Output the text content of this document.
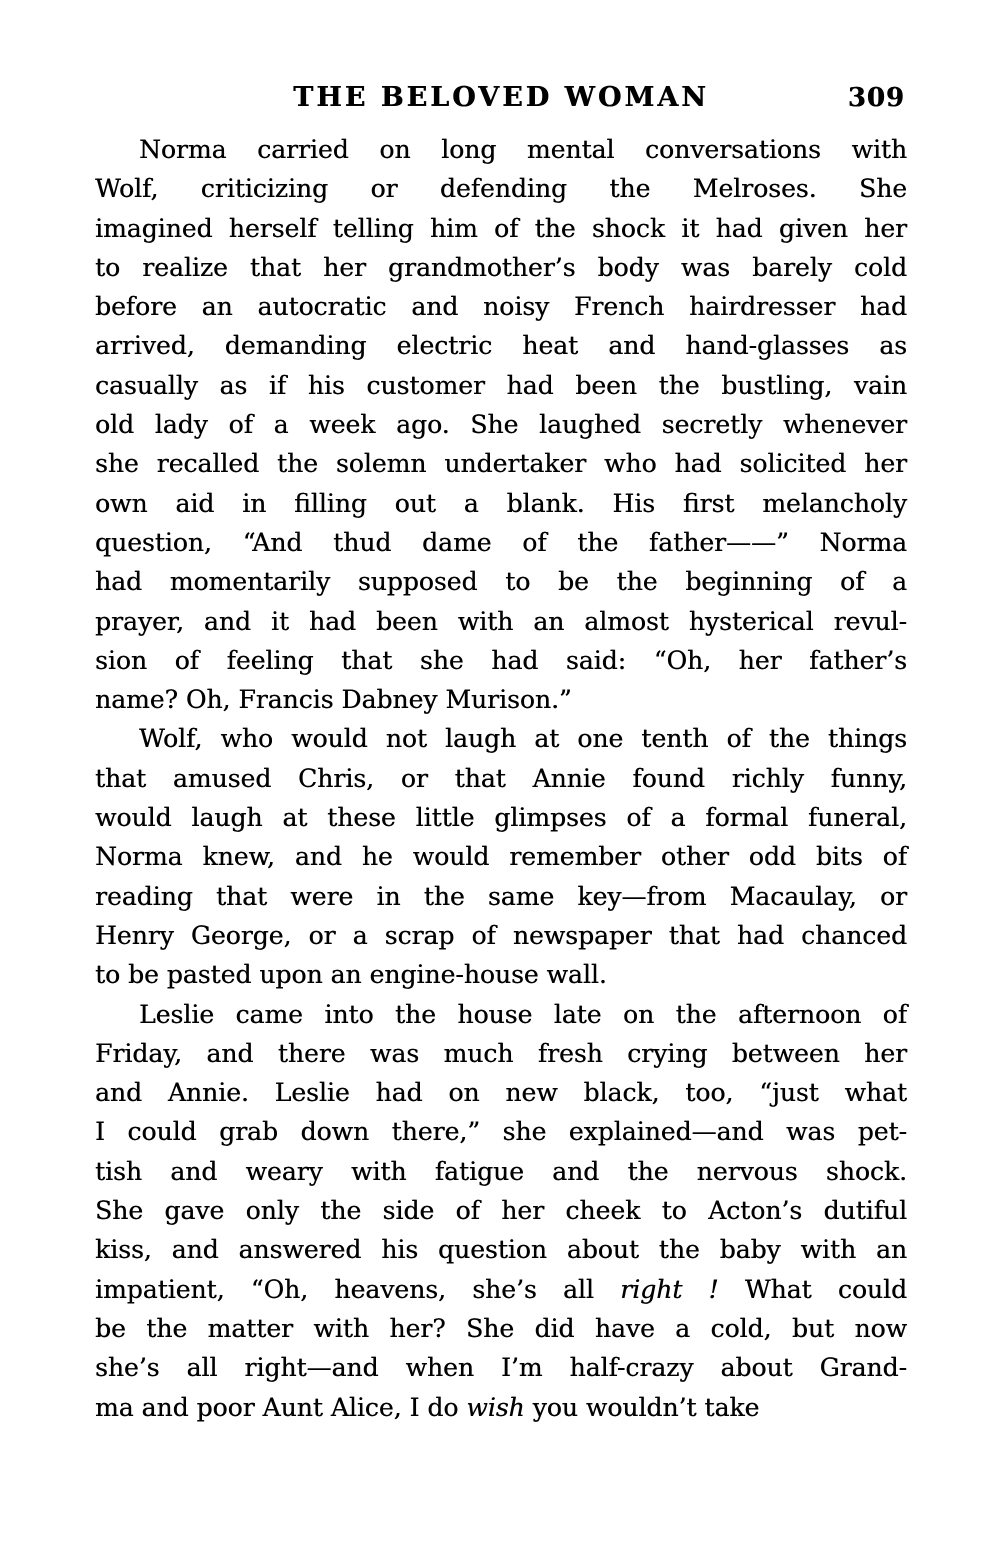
THE BELOVED WOMAN	309
Norma carried on long mental conversations with
Wolf, criticizing or defending the Melroses. She
imagined herself telling him of the shock it had given her
to realize that her grandmother’s body was barely cold
before an autocratic and noisy French hairdresser had
arrived, demanding electric heat and hand-glasses as
casually as if his customer had been the bustling, vain
old lady of a week ago. She laughed secretly whenever
she recalled the solemn undertaker who had solicited her
own aid in filling out a blank. His first melancholy
question, “And thud dame of the father——” Norma
had momentarily supposed to be the beginning of a
prayer, and it had been with an almost hysterical revul-
sion of feeling that she had said: “Oh, her father’s
name? Oh, Francis Dabney Murison.”
Wolf, who would not laugh at one tenth of the things
that amused Chris, or that Annie found richly funny,
would laugh at these little glimpses of a formal funeral,
Norma knew, and he would remember other odd bits of
reading that were in the same key—from Macaulay, or
Henry George, or a scrap of newspaper that had chanced
to be pasted upon an engine-house wall.
Leslie came into the house late on the afternoon of
Friday, and there was much fresh crying between her
and Annie. Leslie had on new black, too, “just what
I could grab down there,” she explained—and was pet-
tish and weary with fatigue and the nervous shock.
She gave only the side of her cheek to Acton’s dutiful
kiss, and answered his question about the baby with an
impatient, “Oh, heavens, she’s all right ! What could
be the matter with her? She did have a cold, but now
she’s all right—and when I’m half-crazy about Grand-
ma and poor Aunt Alice, I do wish you wouldn’t take
